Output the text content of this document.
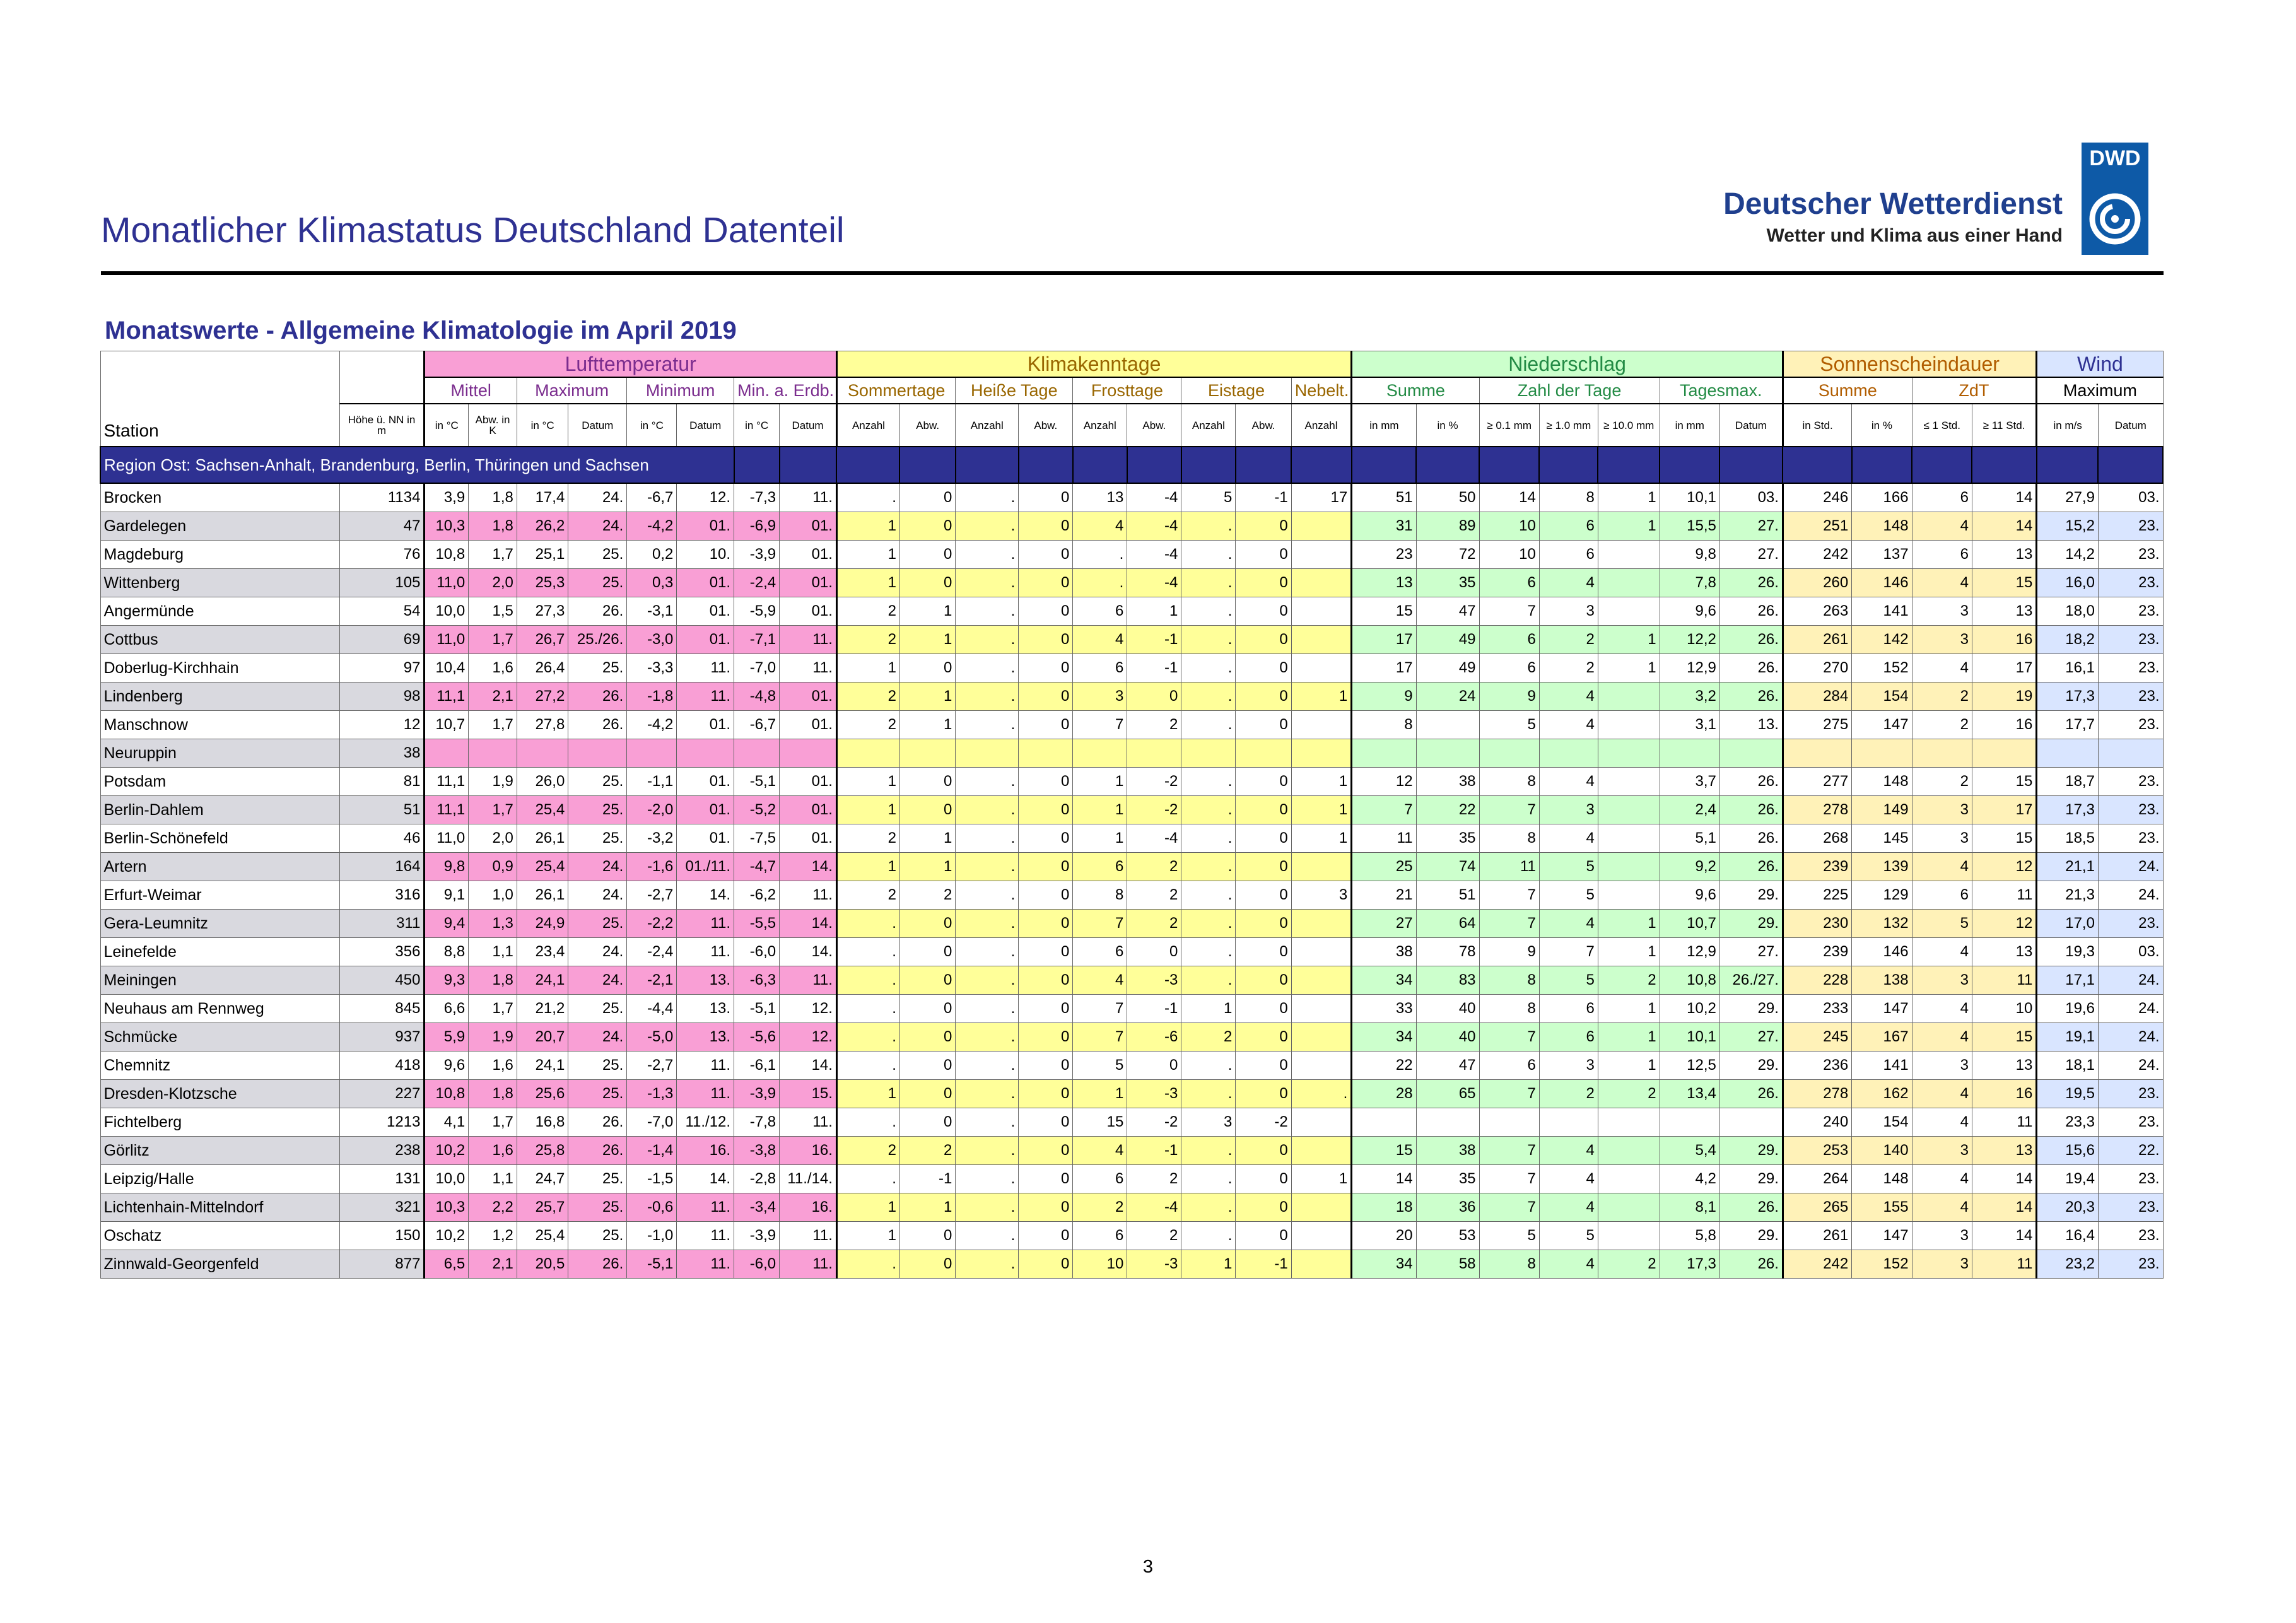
Monatlicher Klimastatus Deutschland Datenteil
Deutscher Wetterdienst
Wetter und Klima aus einer Hand
DWD
Monatswerte - Allgemeine Klimatologie im April 2019
Station		Lufttemperatur								Klimakenntage									Niederschlag							Sonnenscheindauer				Wind	
		Mittel		Maximum		Minimum		Min. a. Erdb.		Sommertage		Heiße Tage		Frosttage		Eistage		Nebelt.	Summe		Zahl der Tage			Tagesmax.		Summe		ZdT		Maximum	
	Höhe ü. NN in m	in °C	Abw. in K	in °C	Datum	in °C	Datum	in °C	Datum	Anzahl	Abw.	Anzahl	Abw.	Anzahl	Abw.	Anzahl	Abw.	Anzahl	in mm	in %	≥ 0.1 mm	≥ 1.0 mm	≥ 10.0 mm	in mm	Datum	in Std.	in %	≤ 1 Std.	≥ 11 Std.	in m/s	Datum
Region Ost: Sachsen-Anhalt, Brandenburg, Berlin, Thüringen und Sachsen																															
Brocken	1134	3,9	1,8	17,4	24.	-6,7	12.	-7,3	11.	.	0	.	0	13	-4	5	-1	17	51	50	14	8	1	10,1	03.	246	166	6	14	27,9	03.
Gardelegen	47	10,3	1,8	26,2	24.	-4,2	01.	-6,9	01.	1	0	.	0	4	-4	.	0		31	89	10	6	1	15,5	27.	251	148	4	14	15,2	23.
Magdeburg	76	10,8	1,7	25,1	25.	0,2	10.	-3,9	01.	1	0	.	0	.	-4	.	0		23	72	10	6		9,8	27.	242	137	6	13	14,2	23.
Wittenberg	105	11,0	2,0	25,3	25.	0,3	01.	-2,4	01.	1	0	.	0	.	-4	.	0		13	35	6	4		7,8	26.	260	146	4	15	16,0	23.
Angermünde	54	10,0	1,5	27,3	26.	-3,1	01.	-5,9	01.	2	1	.	0	6	1	.	0		15	47	7	3		9,6	26.	263	141	3	13	18,0	23.
Cottbus	69	11,0	1,7	26,7	25./26.	-3,0	01.	-7,1	11.	2	1	.	0	4	-1	.	0		17	49	6	2	1	12,2	26.	261	142	3	16	18,2	23.
Doberlug-Kirchhain	97	10,4	1,6	26,4	25.	-3,3	11.	-7,0	11.	1	0	.	0	6	-1	.	0		17	49	6	2	1	12,9	26.	270	152	4	17	16,1	23.
Lindenberg	98	11,1	2,1	27,2	26.	-1,8	11.	-4,8	01.	2	1	.	0	3	0	.	0	1	9	24	9	4		3,2	26.	284	154	2	19	17,3	23.
Manschnow	12	10,7	1,7	27,8	26.	-4,2	01.	-6,7	01.	2	1	.	0	7	2	.	0		8		5	4		3,1	13.	275	147	2	16	17,7	23.
Neuruppin	38																														
Potsdam	81	11,1	1,9	26,0	25.	-1,1	01.	-5,1	01.	1	0	.	0	1	-2	.	0	1	12	38	8	4		3,7	26.	277	148	2	15	18,7	23.
Berlin-Dahlem	51	11,1	1,7	25,4	25.	-2,0	01.	-5,2	01.	1	0	.	0	1	-2	.	0	1	7	22	7	3		2,4	26.	278	149	3	17	17,3	23.
Berlin-Schönefeld	46	11,0	2,0	26,1	25.	-3,2	01.	-7,5	01.	2	1	.	0	1	-4	.	0	1	11	35	8	4		5,1	26.	268	145	3	15	18,5	23.
Artern	164	9,8	0,9	25,4	24.	-1,6	01./11.	-4,7	14.	1	1	.	0	6	2	.	0		25	74	11	5		9,2	26.	239	139	4	12	21,1	24.
Erfurt-Weimar	316	9,1	1,0	26,1	24.	-2,7	14.	-6,2	11.	2	2	.	0	8	2	.	0	3	21	51	7	5		9,6	29.	225	129	6	11	21,3	24.
Gera-Leumnitz	311	9,4	1,3	24,9	25.	-2,2	11.	-5,5	14.	.	0	.	0	7	2	.	0		27	64	7	4	1	10,7	29.	230	132	5	12	17,0	23.
Leinefelde	356	8,8	1,1	23,4	24.	-2,4	11.	-6,0	14.	.	0	.	0	6	0	.	0		38	78	9	7	1	12,9	27.	239	146	4	13	19,3	03.
Meiningen	450	9,3	1,8	24,1	24.	-2,1	13.	-6,3	11.	.	0	.	0	4	-3	.	0		34	83	8	5	2	10,8	26./27.	228	138	3	11	17,1	24.
Neuhaus am Rennweg	845	6,6	1,7	21,2	25.	-4,4	13.	-5,1	12.	.	0	.	0	7	-1	1	0		33	40	8	6	1	10,2	29.	233	147	4	10	19,6	24.
Schmücke	937	5,9	1,9	20,7	24.	-5,0	13.	-5,6	12.	.	0	.	0	7	-6	2	0		34	40	7	6	1	10,1	27.	245	167	4	15	19,1	24.
Chemnitz	418	9,6	1,6	24,1	25.	-2,7	11.	-6,1	14.	.	0	.	0	5	0	.	0		22	47	6	3	1	12,5	29.	236	141	3	13	18,1	24.
Dresden-Klotzsche	227	10,8	1,8	25,6	25.	-1,3	11.	-3,9	15.	1	0	.	0	1	-3	.	0	.	28	65	7	2	2	13,4	26.	278	162	4	16	19,5	23.
Fichtelberg	1213	4,1	1,7	16,8	26.	-7,0	11./12.	-7,8	11.	.	0	.	0	15	-2	3	-2									240	154	4	11	23,3	23.
Görlitz	238	10,2	1,6	25,8	26.	-1,4	16.	-3,8	16.	2	2	.	0	4	-1	.	0		15	38	7	4		5,4	29.	253	140	3	13	15,6	22.
Leipzig/Halle	131	10,0	1,1	24,7	25.	-1,5	14.	-2,8	11./14.	.	-1	.	0	6	2	.	0	1	14	35	7	4		4,2	29.	264	148	4	14	19,4	23.
Lichtenhain-Mittelndorf	321	10,3	2,2	25,7	25.	-0,6	11.	-3,4	16.	1	1	.	0	2	-4	.	0		18	36	7	4		8,1	26.	265	155	4	14	20,3	23.
Oschatz	150	10,2	1,2	25,4	25.	-1,0	11.	-3,9	11.	1	0	.	0	6	2	.	0		20	53	5	5		5,8	29.	261	147	3	14	16,4	23.
Zinnwald-Georgenfeld	877	6,5	2,1	20,5	26.	-5,1	11.	-6,0	11.	.	0	.	0	10	-3	1	-1		34	58	8	4	2	17,3	26.	242	152	3	11	23,2	23.
3
